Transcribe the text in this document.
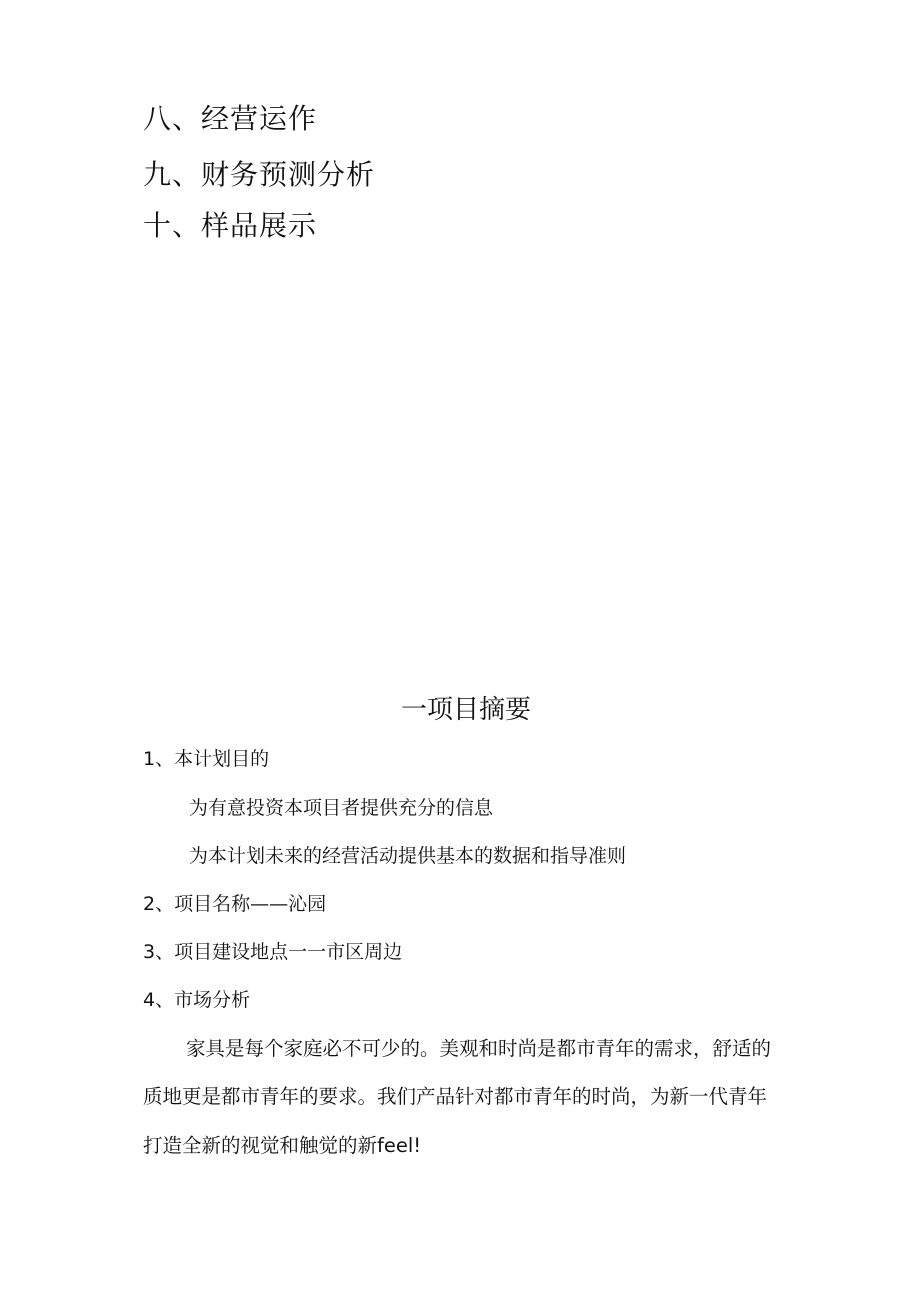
八、经营运作
九、财务预测分析
十、样品展示
一项目摘要
1、本计划目的
为有意投资本项目者提供充分的信息
为本计划未来的经营活动提供基本的数据和指导准则
2、项目名称——沁园
3、项目建设地点一一市区周边
4、市场分析
家具是每个家庭必不可少的。美观和时尚是都市青年的需求，舒适的
质地更是都市青年的要求。我们产品针对都市青年的时尚，为新一代青年
打造全新的视觉和触觉的新feel!
